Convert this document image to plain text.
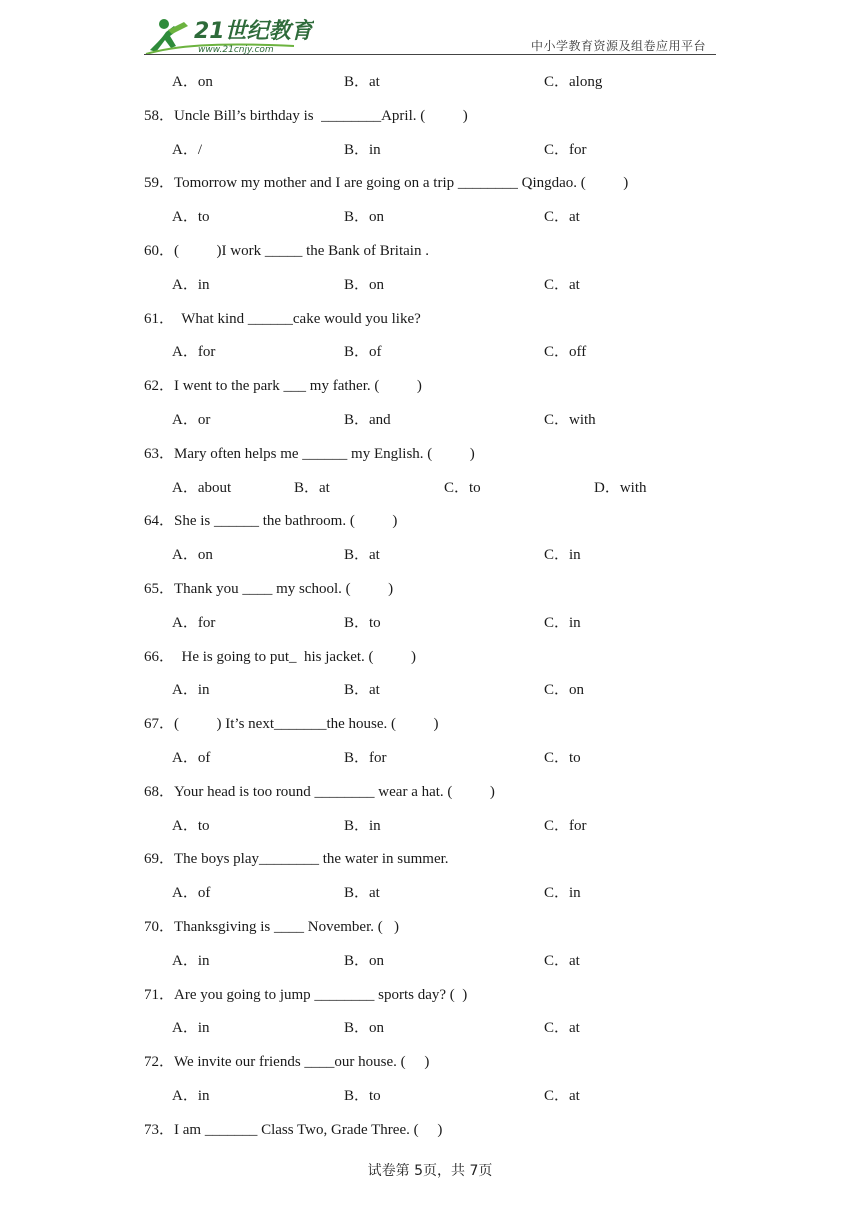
21世纪教育
www.21cnjy.com	中小学教育资源及组卷应用平台
A．on	B．at	C．along
58．Uncle Bill’s birthday is  ________April. (          )
A．/	B．in	C．for
59．Tomorrow my mother and I are going on a trip ________ Qingdao. (          )
A．to	B．on	C．at
60．(          )I work _____ the Bank of Britain .
A．in	B．on	C．at
61．  What kind ______cake would you like?
A．for	B．of	C．off
62．I went to the park ___ my father. (          )
A．or	B．and	C．with
63．Mary often helps me ______ my English. (          )
A．about	B．at	C．to	D．with
64．She is ______ the bathroom. (          )
A．on	B．at	C．in
65．Thank you ____ my school. (          )
A．for	B．to	C．in
66．  He is going to put_  his jacket. (          )
A．in	B．at	C．on
67．(          ) It’s next_______the house. (          )
A．of	B．for	C．to
68．Your head is too round ________ wear a hat. (          )
A．to	B．in	C．for
69．The boys play________ the water in summer.
A．of	B．at	C．in
70．Thanksgiving is ____ November. (   )
A．in	B．on	C．at
71．Are you going to jump ________ sports day? (  )
A．in	B．on	C．at
72．We invite our friends ____our house. (     )
A．in	B．to	C．at
73．I am _______ Class Two, Grade Three. (     )
试卷第 5页，共 7页
